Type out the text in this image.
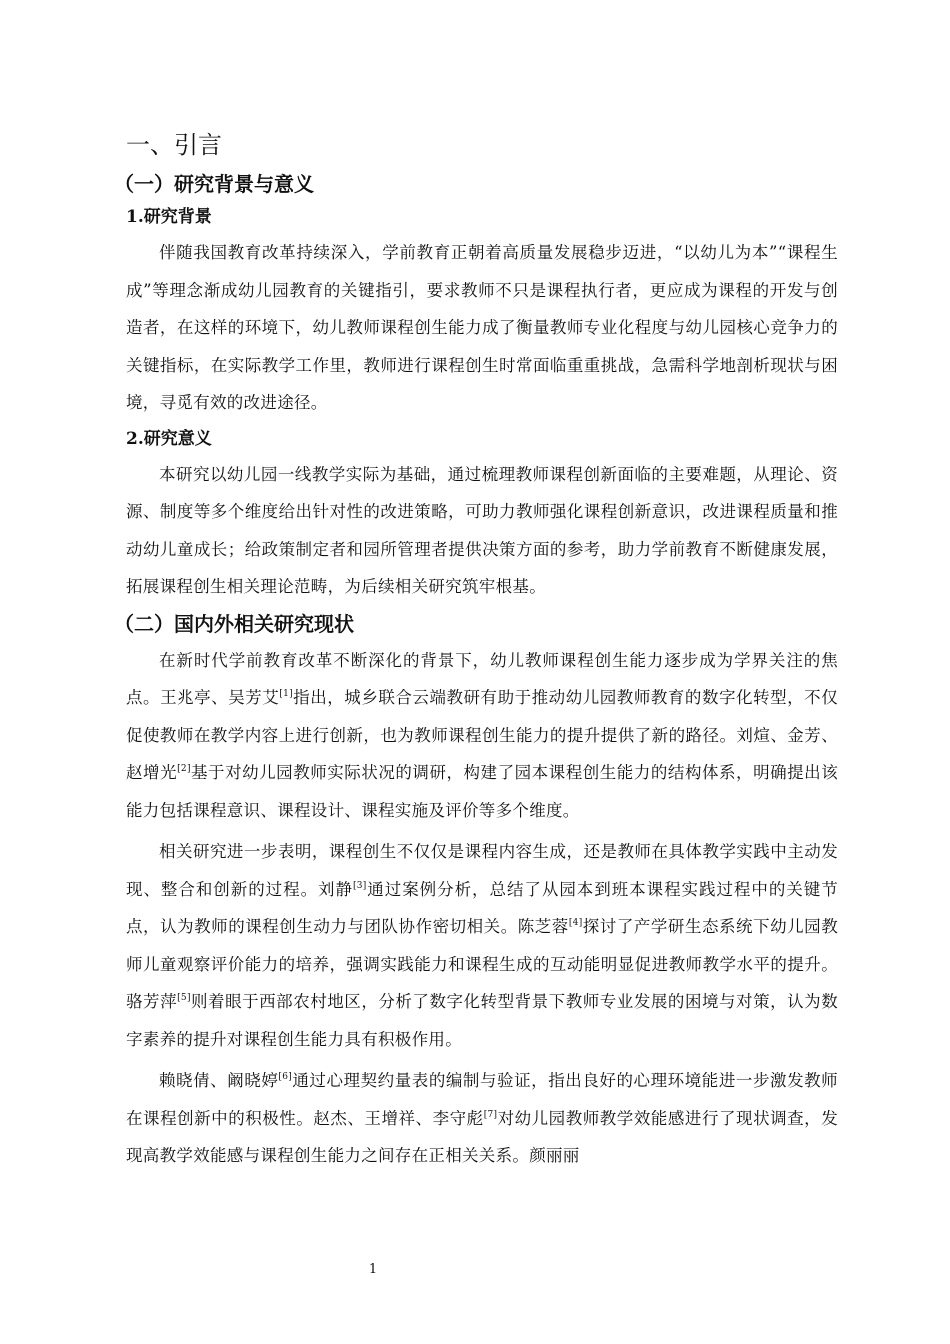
一、引言
（一）研究背景与意义
1.研究背景

伴随我国教育改革持续深入，学前教育正朝着高质量发展稳步迈进，“以幼儿为本”“课程生成”等理念渐成幼儿园教育的关键指引，要求教师不只是课程执行者，更应成为课程的开发与创造者，在这样的环境下，幼儿教师课程创生能力成了衡量教师专业化程度与幼儿园核心竞争力的关键指标，在实际教学工作里，教师进行课程创生时常面临重重挑战，急需科学地剖析现状与困境，寻觅有效的改进途径。

2.研究意义

本研究以幼儿园一线教学实际为基础，通过梳理教师课程创新面临的主要难题，从理论、资源、制度等多个维度给出针对性的改进策略，可助力教师强化课程创新意识，改进课程质量和推动幼儿童成长；给政策制定者和园所管理者提供决策方面的参考，助力学前教育不断健康发展，拓展课程创生相关理论范畴，为后续相关研究筑牢根基。

（二）国内外相关研究现状

在新时代学前教育改革不断深化的背景下，幼儿教师课程创生能力逐步成为学界关注的焦点。王兆亭、吴芳艾[1]指出，城乡联合云端教研有助于推动幼儿园教师教育的数字化转型，不仅促使教师在教学内容上进行创新，也为教师课程创生能力的提升提供了新的路径。刘煊、金芳、赵增光[2]基于对幼儿园教师实际状况的调研，构建了园本课程创生能力的结构体系，明确提出该能力包括课程意识、课程设计、课程实施及评价等多个维度。

相关研究进一步表明，课程创生不仅仅是课程内容生成，还是教师在具体教学实践中主动发现、整合和创新的过程。刘静[3]通过案例分析，总结了从园本到班本课程实践过程中的关键节点，认为教师的课程创生动力与团队协作密切相关。陈芝蓉[4]探讨了产学研生态系统下幼儿园教师儿童观察评价能力的培养，强调实践能力和课程生成的互动能明显促进教师教学水平的提升。骆芳萍[5]则着眼于西部农村地区，分析了数字化转型背景下教师专业发展的困境与对策，认为数字素养的提升对课程创生能力具有积极作用。

赖晓倩、阚晓婷[6]通过心理契约量表的编制与验证，指出良好的心理环境能进一步激发教师在课程创新中的积极性。赵杰、王增祥、李守彪[7]对幼儿园教师教学效能感进行了现状调查，发现高教学效能感与课程创生能力之间存在正相关关系。颜丽丽

1
